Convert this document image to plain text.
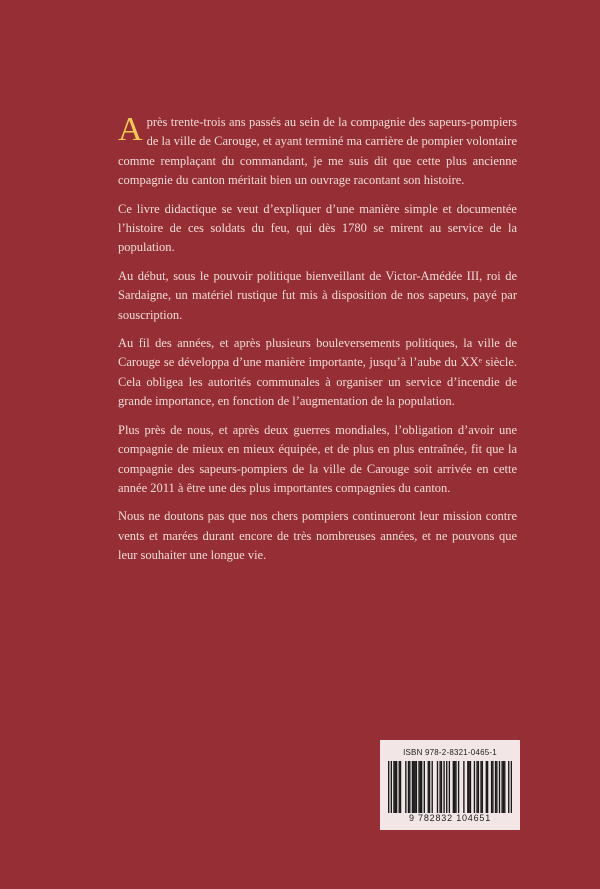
Après trente-trois ans passés au sein de la compagnie des sapeurs-pompiers de la ville de Carouge, et ayant terminé ma carrière de pompier volontaire comme remplaçant du commandant, je me suis dit que cette plus ancienne compagnie du canton méritait bien un ouvrage racontant son histoire.

Ce livre didactique se veut d’expliquer d’une manière simple et documentée l’histoire de ces soldats du feu, qui dès 1780 se mirent au service de la population.

Au début, sous le pouvoir politique bienveillant de Victor-Amédée III, roi de Sardaigne, un matériel rustique fut mis à disposition de nos sapeurs, payé par souscription.

Au fil des années, et après plusieurs bouleversements politiques, la ville de Carouge se développa d’une manière importante, jusqu’à l’aube du XXᵉ siècle. Cela obligea les autorités communales à organiser un service d’incendie de grande importance, en fonction de l’augmentation de la population.

Plus près de nous, et après deux guerres mondiales, l’obligation d’avoir une compagnie de mieux en mieux équipée, et de plus en plus entraînée, fit que la compagnie des sapeurs-pompiers de la ville de Carouge soit arrivée en cette année 2011 à être une des plus importantes compagnies du canton.

Nous ne doutons pas que nos chers pompiers continueront leur mission contre vents et marées durant encore de très nombreuses années, et ne pouvons que leur souhaiter une longue vie.

ISBN 978-2-8321-0465-1
9 782832 104651
